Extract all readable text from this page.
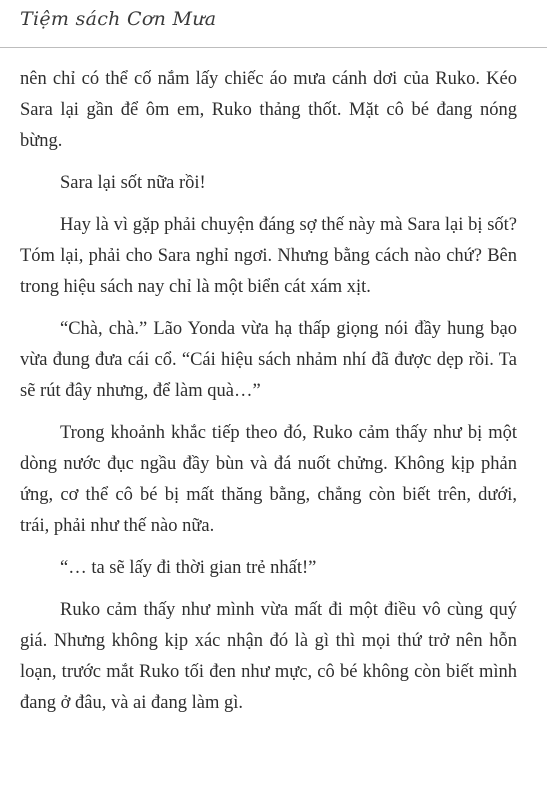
Tiệm sách Cơn Mưa

nên chỉ có thể cố nắm lấy chiếc áo mưa cánh dơi của Ruko. Kéo Sara lại gần để ôm em, Ruko thảng thốt. Mặt cô bé đang nóng bừng.

Sara lại sốt nữa rồi!

Hay là vì gặp phải chuyện đáng sợ thế này mà Sara lại bị sốt? Tóm lại, phải cho Sara nghỉ ngơi. Nhưng bằng cách nào chứ? Bên trong hiệu sách nay chỉ là một biển cát xám xịt.

“Chà, chà.” Lão Yonda vừa hạ thấp giọng nói đầy hung bạo vừa đung đưa cái cổ. “Cái hiệu sách nhảm nhí đã được dẹp rồi. Ta sẽ rút đây nhưng, để làm quà…”

Trong khoảnh khắc tiếp theo đó, Ruko cảm thấy như bị một dòng nước đục ngầu đầy bùn và đá nuốt chửng. Không kịp phản ứng, cơ thể cô bé bị mất thăng bằng, chẳng còn biết trên, dưới, trái, phải như thế nào nữa.

“… ta sẽ lấy đi thời gian trẻ nhất!”

Ruko cảm thấy như mình vừa mất đi một điều vô cùng quý giá. Nhưng không kịp xác nhận đó là gì thì mọi thứ trở nên hỗn loạn, trước mắt Ruko tối đen như mực, cô bé không còn biết mình đang ở đâu, và ai đang làm gì.
